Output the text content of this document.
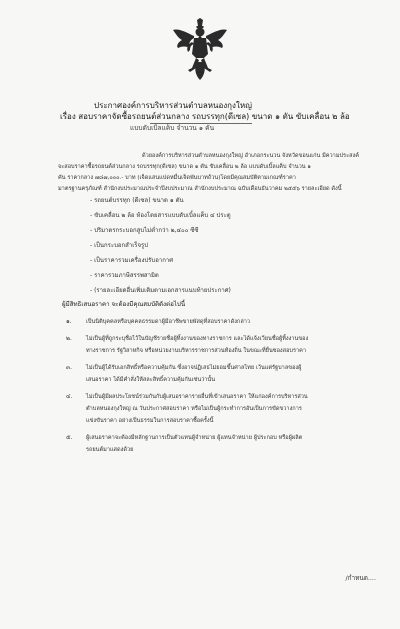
ประกาศองค์การบริหารส่วนตำบลหนองกุงใหญ่
เรื่อง สอบราคาจัดซื้อรถยนต์ส่วนกลาง รถบรรทุก(ดีเซล) ขนาด ๑ ตัน ขับเคลื่อน ๒ ล้อ
แบบดับเบิ้ลแค็บ จำนวน ๑ คัน
ด้วยองค์การบริหารส่วนตำบลหนองกุงใหญ่ อำเภอกระนวน จังหวัดขอนแก่น มีความประสงค์
จะสอบราคาซื้อรถยนต์ส่วนกลาง รถบรรทุก(ดีเซล) ขนาด ๑ ตัน ขับเคลื่อน ๒ ล้อ แบบดับเบิ้ลแค็บ จำนวน ๑
คัน ราคากลาง ๗๘๗,๐๐๐.- บาท (เจ็ดแสนแปดหมื่นเจ็ดพันบาทถ้วน)โดยมีคุณสมบัติตามเกณฑ์ราคา
มาตรฐานครุภัณฑ์ สำนักงบประมาณประจำปีงบประมาณ สำนักงบประมาณ ฉบับเดือนธันวาคม ๒๕๕๖ รายละเอียด ดังนี้
- รถยนต์บรรทุก (ดีเซล) ขนาด ๑ ตัน
- ขับเคลื่อน ๒ ล้อ ห้องโดยสารแบบดับเบิ้ลแค็บ ๔ ประตู
- ปริมาตรกระบอกสูบไม่ต่ำกว่า ๒,๔๐๐ ซีซี
- เป็นกระบอกสำเร็จรูป
- เป็นราคารวมเครื่องปรับอากาศ
- ราคารวมภาษีสรรพสามิต
- (รายละเอียดอื่นเพิ่มเติมตามเอกสารแนบท้ายประกาศ)
ผู้มีสิทธิเสนอราคา จะต้องมีคุณสมบัติดังต่อไปนี้
๑.	เป็นนิติบุคคลหรือบุคคลธรรมดาผู้มีอาชีพขายพัสดุที่สอบราคาดังกล่าว
๒.	ไม่เป็นผู้ที่ถูกระบุชื่อไว้ในบัญชีรายชื่อผู้ทิ้งงานของทางราชการ และได้แจ้งเวียนชื่อผู้ทิ้งงานของ
ทางราชการ รัฐวิสาหกิจ หรือหน่วยงานบริหารราชการส่วนท้องถิ่น ในขณะที่ยื่นซองสอบราคา
๓. ไม่เป็นผู้ได้รับเอกสิทธิ์หรือความคุ้มกัน ซึ่งอาจปฏิเสธไม่ยอมขึ้นศาลไทย เว้นแต่รัฐบาลของผู้
เสนอราคา ได้มีคำสั่งให้สละสิทธิ์ความคุ้มกันเช่นว่านั้น
๔. ไม่เป็นผู้มีผลประโยชน์ร่วมกันกับผู้เสนอราคารายอื่นที่เข้าเสนอราคา ให้แก่องค์การบริหารส่วน
ตำบลหนองกุงใหญ่ ณ วันประกาศสอบราคา หรือไม่เป็นผู้กระทำการอันเป็นการขัดขวางการ
แข่งขันราคา อย่างเป็นธรรมในการสอบราคาซื้อครั้งนี้
๕. ผู้เสนอราคาจะต้องมีหลักฐานการเป็นตัวแทนผู้จำหน่าย ผู้แทนจำหน่าย ผู้ประกอบ หรือผู้ผลิต
รถยนต์มาแสดงด้วย
/กำหนด....
